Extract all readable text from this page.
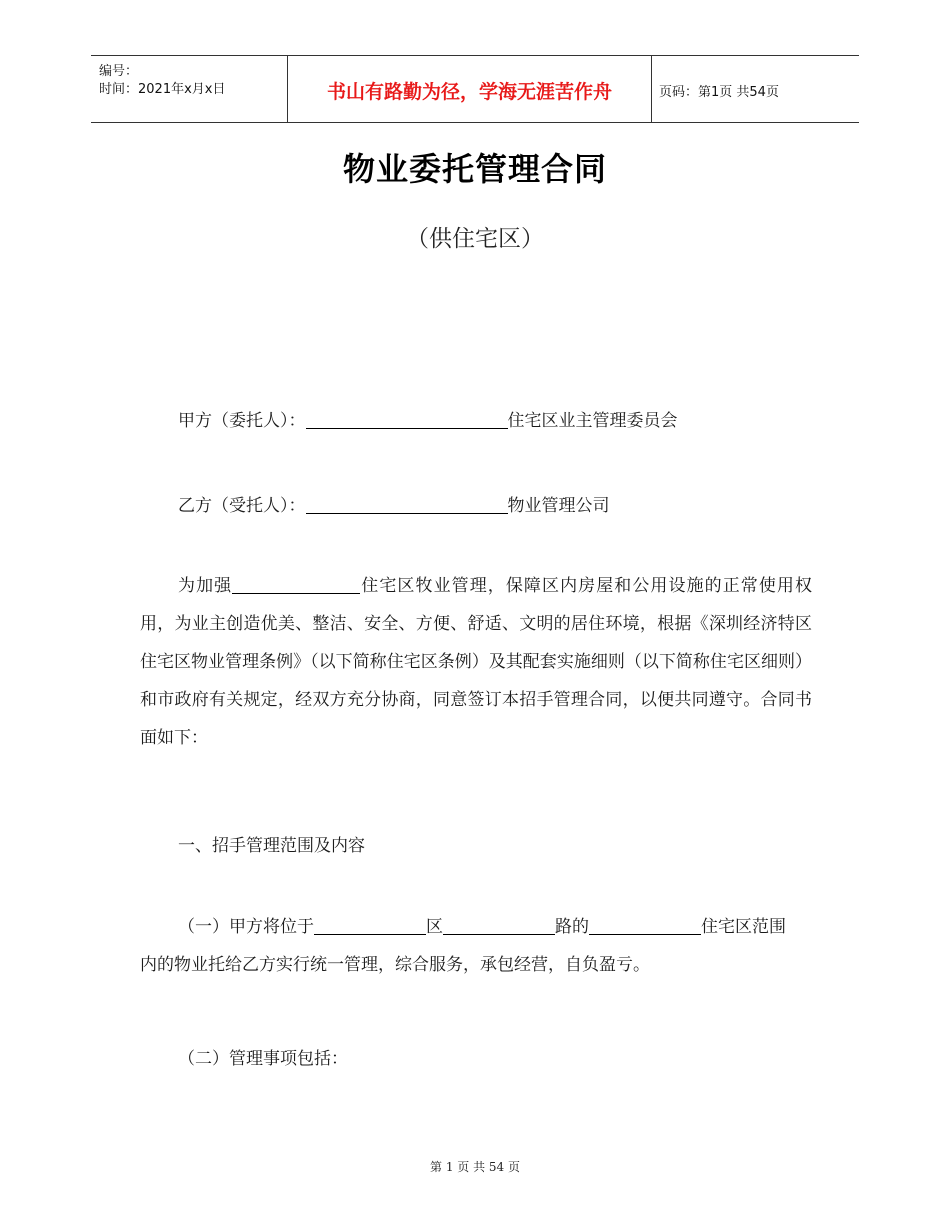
编号：
时间：2021年x月x日	书山有路勤为径，学海无涯苦作舟	页码：第1页 共54页
物业委托管理合同
（供住宅区）
甲方（委托人）：	住宅区业主管理委员会
乙方（受托人）：	物业管理公司
为加强	住宅区牧业管理，保障区内房屋和公用设施的正常使用权用，为业主创造优美、整洁、安全、方便、舒适、文明的居住环境，根据《深圳经济特区住宅区物业管理条例》（以下简称住宅区条例）及其配套实施细则（以下简称住宅区细则）和市政府有关规定，经双方充分协商，同意签订本招手管理合同，以便共同遵守。合同书面如下：
一、招手管理范围及内容
（一）甲方将位于	区	路的	住宅区范围
内的物业托给乙方实行统一管理，综合服务，承包经营，自负盈亏。
（二）管理事项包括：
第 1 页 共 54 页
